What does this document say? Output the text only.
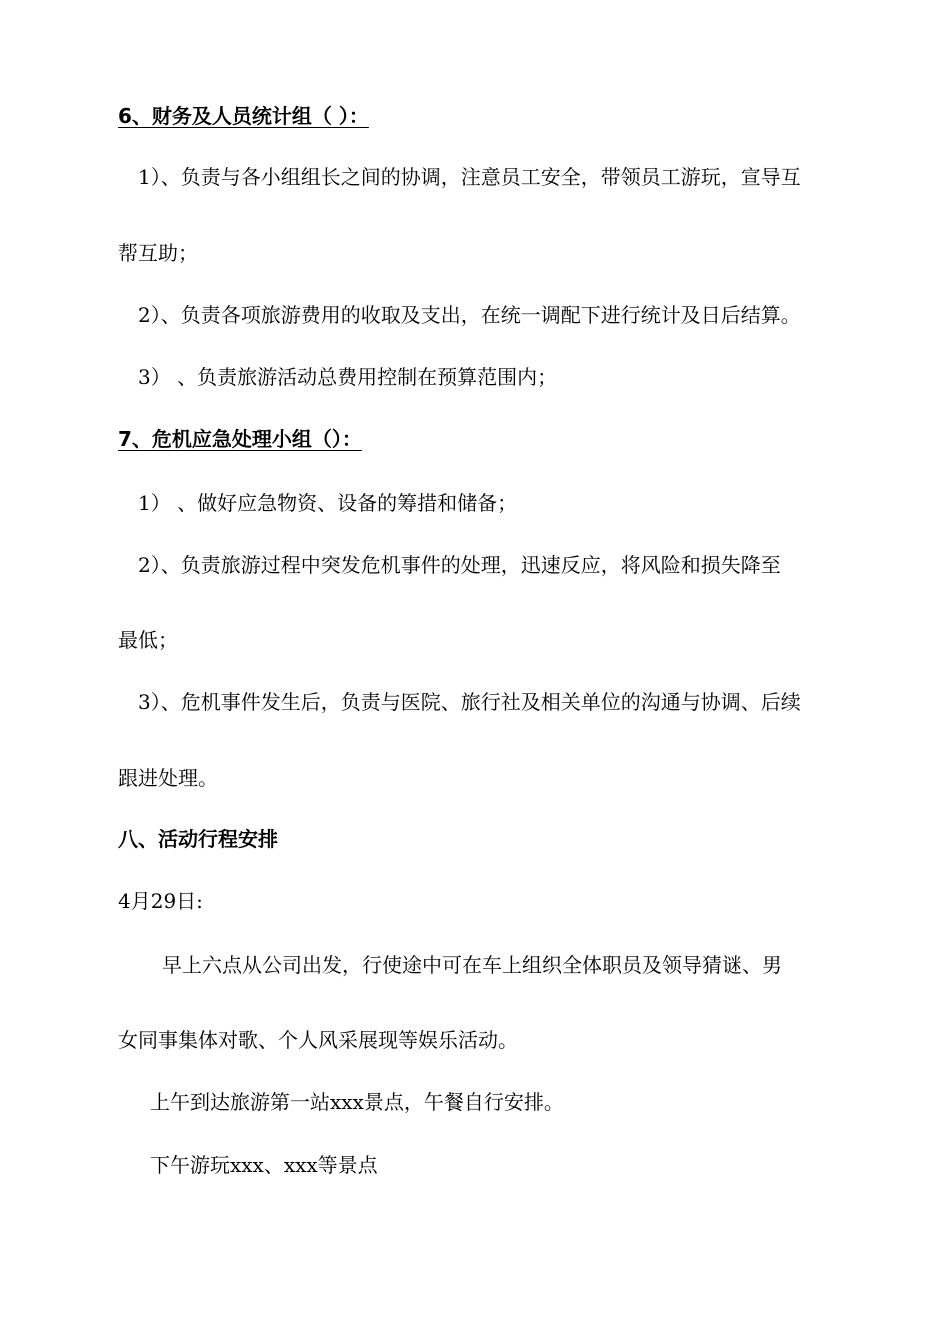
6、财务及人员统计组（ ）：

1）、负责与各小组组长之间的协调，注意员工安全，带领员工游玩，宣导互

帮互助；

2）、负责各项旅游费用的收取及支出，在统一调配下进行统计及日后结算。

3） 、负责旅游活动总费用控制在预算范围内；

7、危机应急处理小组（）：

1） 、做好应急物资、设备的筹措和储备；

2）、负责旅游过程中突发危机事件的处理，迅速反应，将风险和损失降至

最低；

3）、危机事件发生后，负责与医院、旅行社及相关单位的沟通与协调、后续

跟进处理。

八、活动行程安排

4月29日:

早上六点从公司出发，行使途中可在车上组织全体职员及领导猜谜、男

女同事集体对歌、个人风采展现等娱乐活动。

上午到达旅游第一站xxx景点，午餐自行安排。

下午游玩xxx、xxx等景点
